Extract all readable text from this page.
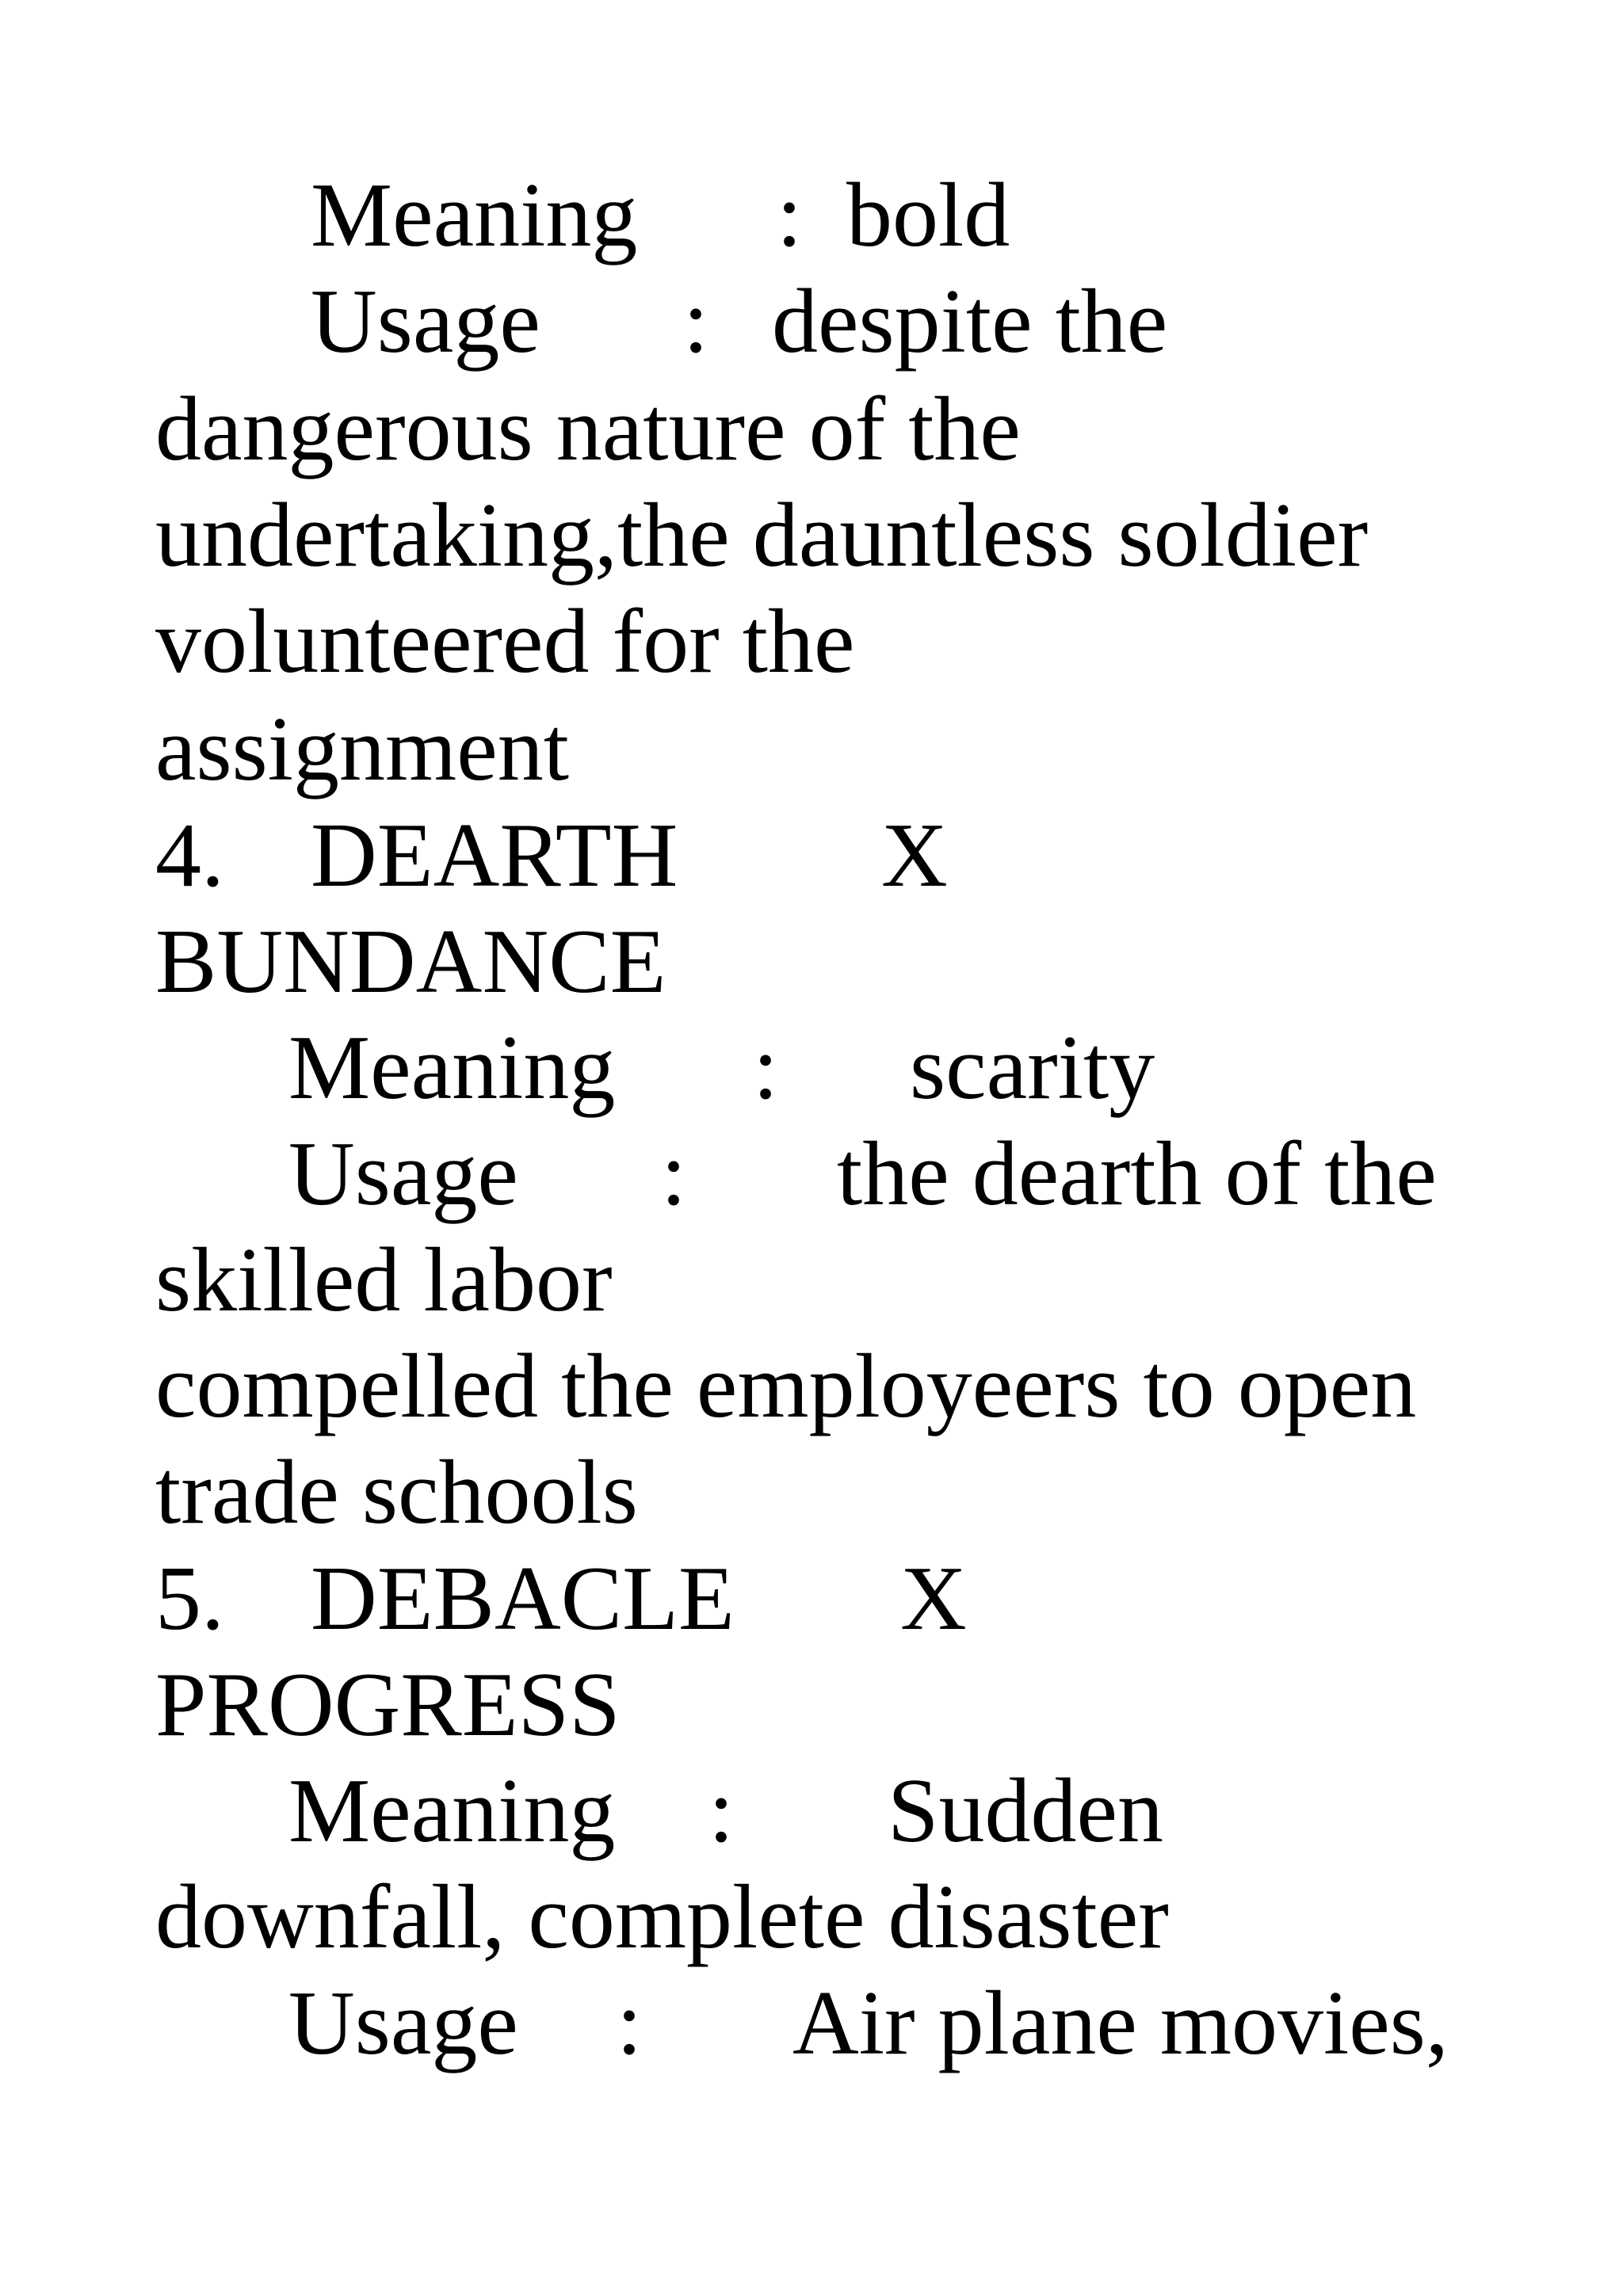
Meaning : bold
Usage : despite the
dangerous nature of the
undertaking,the dauntless soldier
volunteered for the
assignment
4. DEARTH X
BUNDANCE
Meaning : scarity
Usage : the dearth of the
skilled labor
compelled the employeers to open
trade schools
5. DEBACLE X
PROGRESS
Meaning : Sudden
downfall, complete disaster
Usage : Air plane movies,
